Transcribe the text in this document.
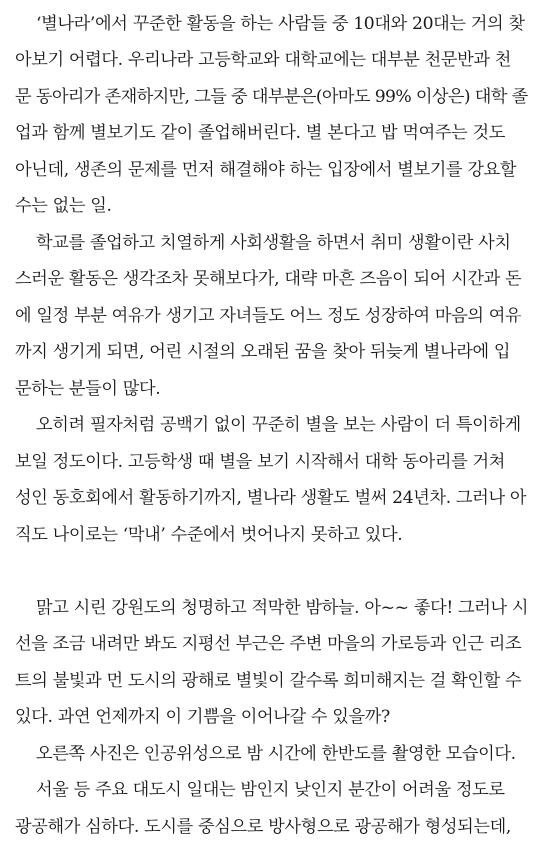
‘별나라’에서 꾸준한 활동을 하는 사람들 중 10대와 20대는 거의 찾
아보기 어렵다. 우리나라 고등학교와 대학교에는 대부분 천문반과 천
문 동아리가 존재하지만, 그들 중 대부분은(아마도 99% 이상은) 대학 졸
업과 함께 별보기도 같이 졸업해버린다. 별 본다고 밥 먹여주는 것도
아닌데, 생존의 문제를 먼저 해결해야 하는 입장에서 별보기를 강요할
수는 없는 일.
학교를 졸업하고 치열하게 사회생활을 하면서 취미 생활이란 사치
스러운 활동은 생각조차 못해보다가, 대략 마흔 즈음이 되어 시간과 돈
에 일정 부분 여유가 생기고 자녀들도 어느 정도 성장하여 마음의 여유
까지 생기게 되면, 어린 시절의 오래된 꿈을 찾아 뒤늦게 별나라에 입
문하는 분들이 많다.
오히려 필자처럼 공백기 없이 꾸준히 별을 보는 사람이 더 특이하게
보일 정도이다. 고등학생 때 별을 보기 시작해서 대학 동아리를 거쳐
성인 동호회에서 활동하기까지, 별나라 생활도 벌써 24년차. 그러나 아
직도 나이로는 ‘막내’ 수준에서 벗어나지 못하고 있다.
맑고 시린 강원도의 청명하고 적막한 밤하늘. 아~~ 좋다! 그러나 시
선을 조금 내려만 봐도 지평선 부근은 주변 마을의 가로등과 인근 리조
트의 불빛과 먼 도시의 광해로 별빛이 갈수록 희미해지는 걸 확인할 수
있다. 과연 언제까지 이 기쁨을 이어나갈 수 있을까?
오른쪽 사진은 인공위성으로 밤 시간에 한반도를 촬영한 모습이다.
서울 등 주요 대도시 일대는 밤인지 낮인지 분간이 어려울 정도로
광공해가 심하다. 도시를 중심으로 방사형으로 광공해가 형성되는데,
